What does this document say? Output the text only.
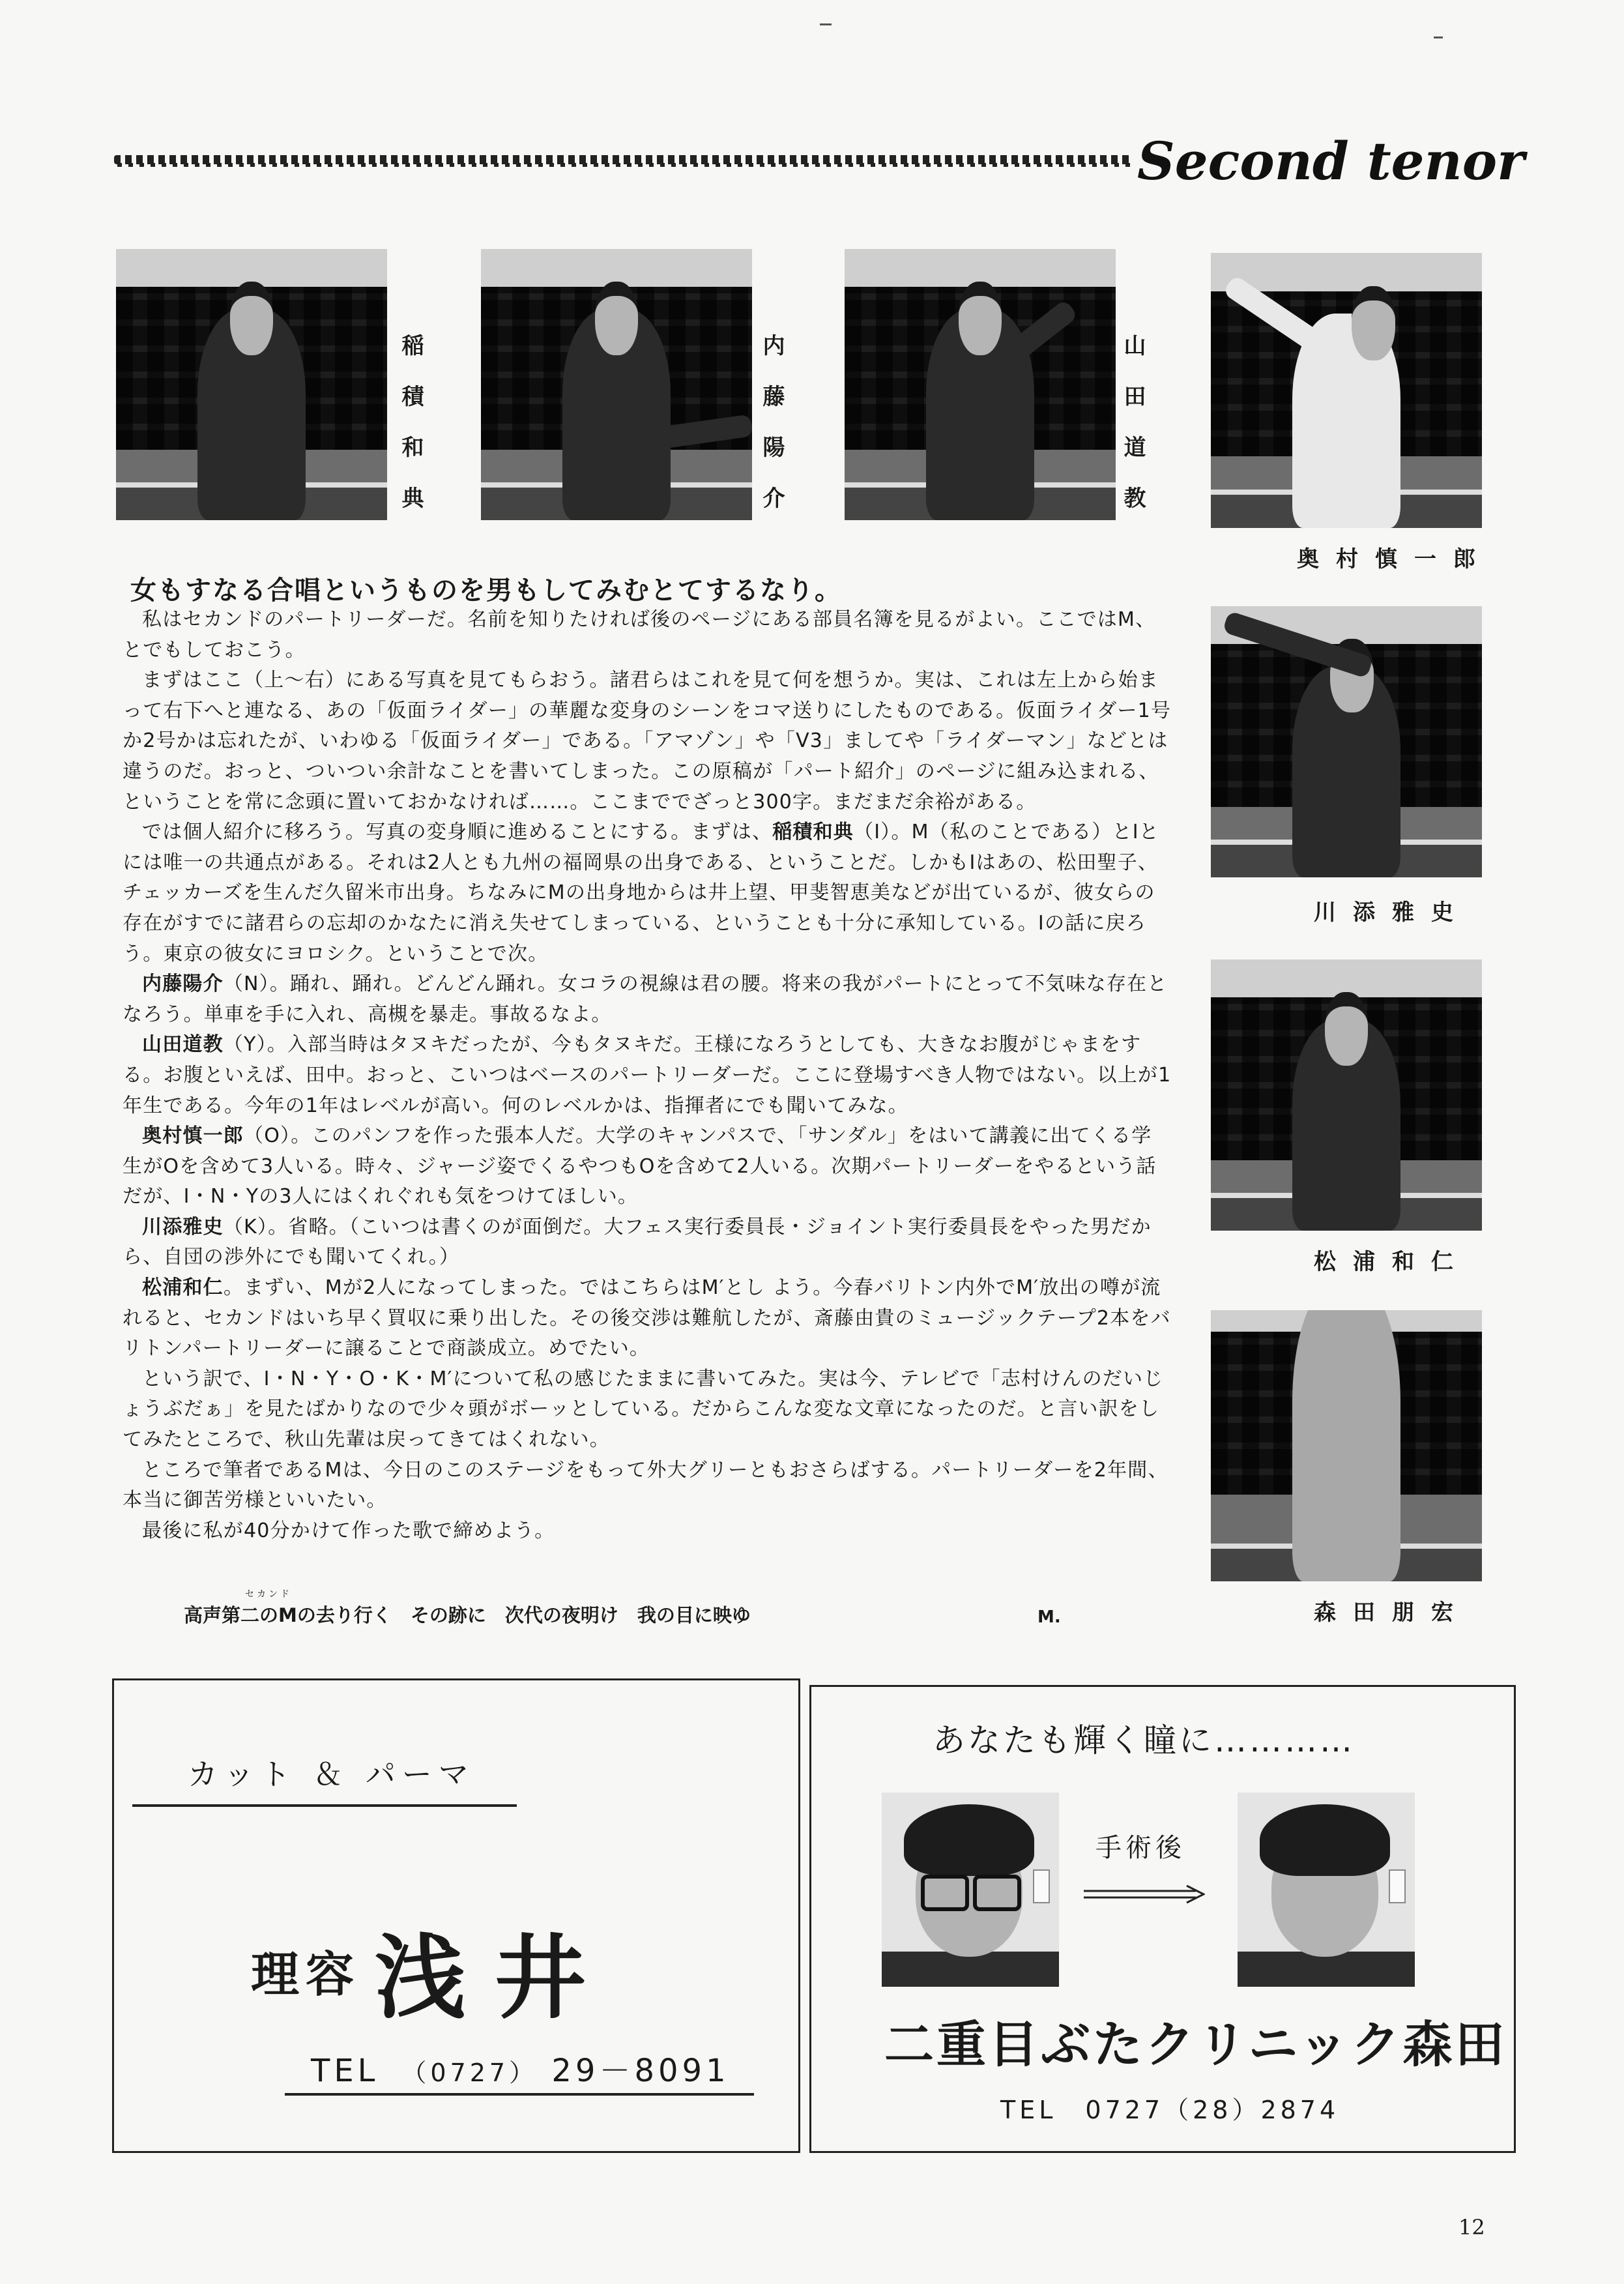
Second tenor
稲積和典	内藤陽介	山田道教
奥村慎一郎
川添雅史
松浦和仁
森田朋宏
女もすなる合唱というものを男もしてみむとてするなり。

私はセカンドのパートリーダーだ。名前を知りたければ後のページにある部員名簿を見るがよい。ここではM、とでもしておこう。

まずはここ（上〜右）にある写真を見てもらおう。諸君らはこれを見て何を想うか。実は、これは左上から始まって右下へと連なる、あの「仮面ライダー」の華麗な変身のシーンをコマ送りにしたものである。仮面ライダー1号か2号かは忘れたが、いわゆる「仮面ライダー」である。「アマゾン」や「V3」ましてや「ライダーマン」などとは違うのだ。おっと、ついつい余計なことを書いてしまった。この原稿が「パート紹介」のページに組み込まれる、ということを常に念頭に置いておかなければ……。ここまででざっと300字。まだまだ余裕がある。

では個人紹介に移ろう。写真の変身順に進めることにする。まずは、稲積和典（I）。M（私のことである）とIとには唯一の共通点がある。それは2人とも九州の福岡県の出身である、ということだ。しかもIはあの、松田聖子、チェッカーズを生んだ久留米市出身。ちなみにMの出身地からは井上望、甲斐智恵美などが出ているが、彼女らの存在がすでに諸君らの忘却のかなたに消え失せてしまっている、ということも十分に承知している。Iの話に戻ろう。東京の彼女にヨロシク。ということで次。

内藤陽介（N）。踊れ、踊れ。どんどん踊れ。女コラの視線は君の腰。将来の我がパートにとって不気味な存在となろう。単車を手に入れ、高槻を暴走。事故るなよ。

山田道教（Y）。入部当時はタヌキだったが、今もタヌキだ。王様になろうとしても、大きなお腹がじゃまをする。お腹といえば、田中。おっと、こいつはベースのパートリーダーだ。ここに登場すべき人物ではない。以上が1年生である。今年の1年はレベルが高い。何のレベルかは、指揮者にでも聞いてみな。

奥村慎一郎（O）。このパンフを作った張本人だ。大学のキャンパスで、「サンダル」をはいて講義に出てくる学生がOを含めて3人いる。時々、ジャージ姿でくるやつもOを含めて2人いる。次期パートリーダーをやるという話だが、I・N・Yの3人にはくれぐれも気をつけてほしい。

川添雅史（K）。省略。（こいつは書くのが面倒だ。大フェス実行委員長・ジョイント実行委員長をやった男だから、自団の渉外にでも聞いてくれ。）

松浦和仁。まずい、Mが2人になってしまった。ではこちらはM′とし よう。今春バリトン内外でM′放出の噂が流れると、セカンドはいち早く買収に乗り出した。その後交渉は難航したが、斎藤由貴のミュージックテープ2本をバリトンパートリーダーに譲ることで商談成立。めでたい。

という訳で、I・N・Y・O・K・M′について私の感じたままに書いてみた。実は今、テレビで「志村けんのだいじょうぶだぁ」を見たばかりなので少々頭がボーッとしている。だからこんな変な文章になったのだ。と言い訳をしてみたところで、秋山先輩は戻ってきてはくれない。

ところで筆者であるMは、今日のこのステージをもって外大グリーともおさらばする。パートリーダーを2年間、本当に御苦労様といいたい。

最後に私が40分かけて作った歌で締めよう。

セカンド
高声第二のMの去り行く　その跡に　次代の夜明け　我の目に映ゆ	M.
カット ＆ パーマ
理容 浅井
TEL　 （0727） 29－8091
あなたも輝く瞳に…………
手術後
二重目ぶたクリニック森田
TEL　0727（28）2874
12
